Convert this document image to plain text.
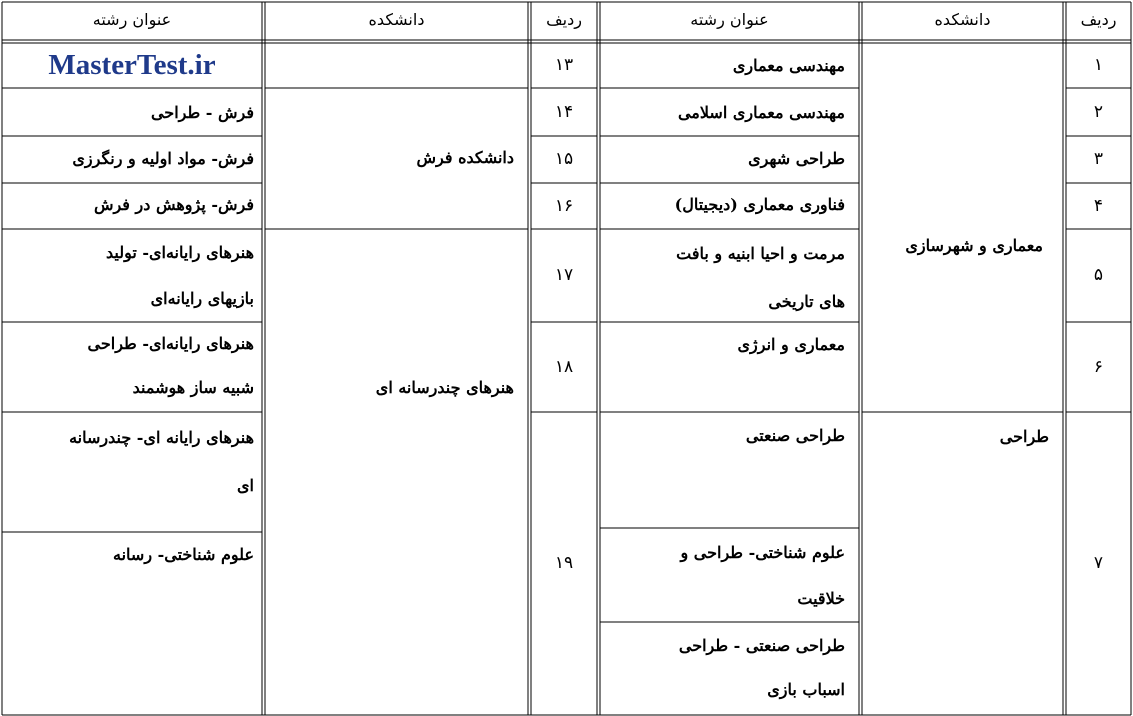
ردیف
دانشکده
عنوان رشته
ردیف
دانشکده
عنوان رشته
۱
۲
۳
۴
۵
۶
۷
معماری و شهرسازی
طراحی
مهندسی معماری
مهندسی معماری اسلامی
طراحی شهری
فناوری معماری (دیجیتال)
مرمت و احیا ابنیه و بافت
های تاریخی
معماری و انرژی
طراحی صنعتی
علوم شناختی- طراحی و
خلاقیت
طراحی صنعتی - طراحی
اسباب بازی
۱۳
۱۴
۱۵
۱۶
۱۷
۱۸
۱۹
MasterTest.ir
دانشکده فرش
هنرهای چندرسانه ای
فرش - طراحی
فرش- مواد اولیه و رنگرزی
فرش- پژوهش در فرش
هنرهای رایانه‌ای- تولید
بازیهای رایانه‌ای
هنرهای رایانه‌ای- طراحی
شبیه ساز هوشمند
هنرهای رایانه ای- چندرسانه
ای
علوم شناختی- رسانه
